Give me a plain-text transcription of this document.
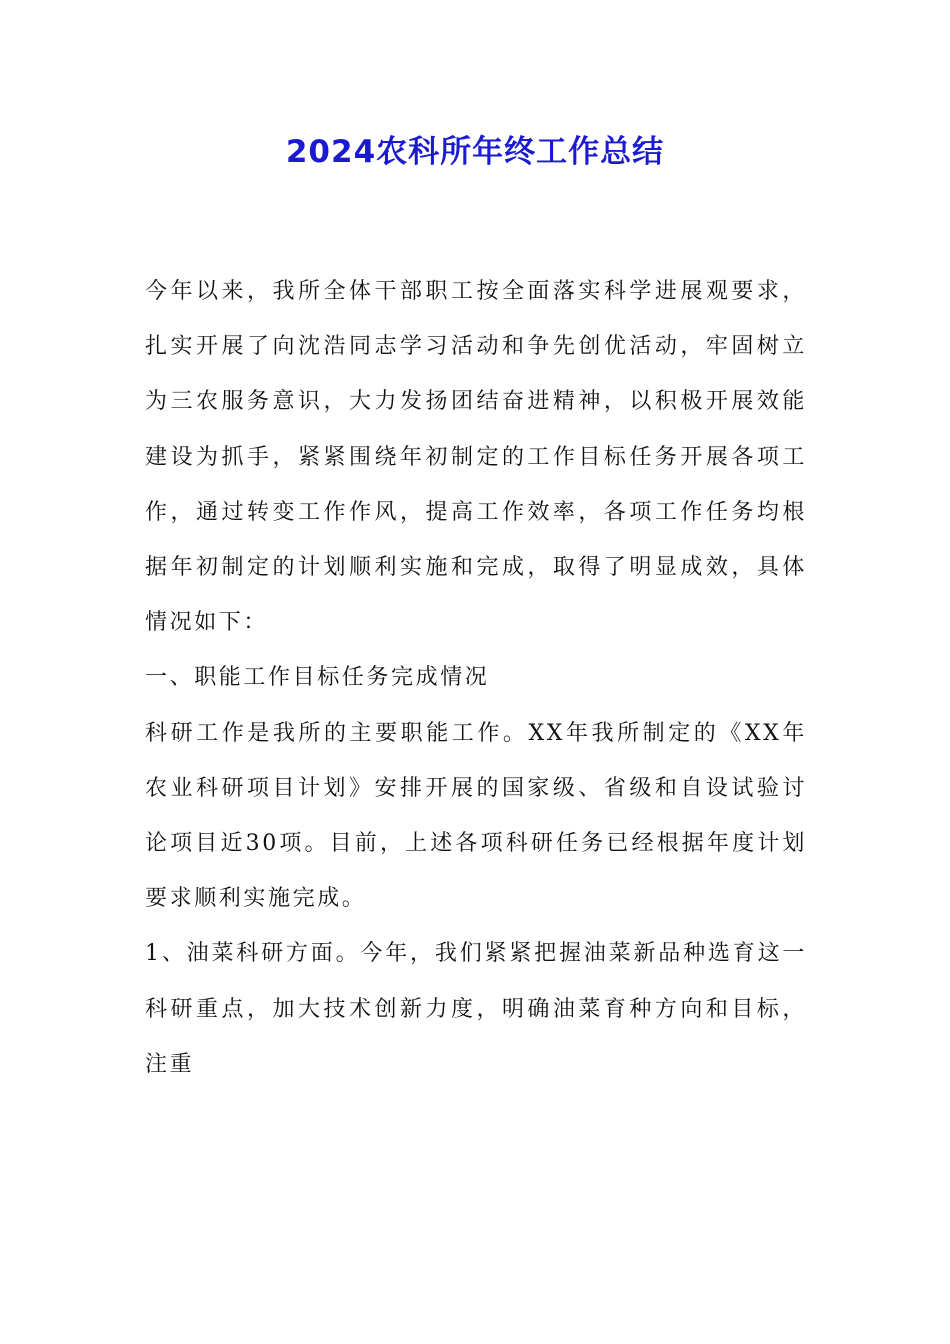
2024农科所年终工作总结

今年以来，我所全体干部职工按全面落实科学进展观要求，扎实开展了向沈浩同志学习活动和争先创优活动，牢固树立为三农服务意识，大力发扬团结奋进精神，以积极开展效能建设为抓手，紧紧围绕年初制定的工作目标任务开展各项工作，通过转变工作作风，提高工作效率，各项工作任务均根据年初制定的计划顺利实施和完成，取得了明显成效，具体情况如下：

一、职能工作目标任务完成情况

科研工作是我所的主要职能工作。XX年我所制定的《XX年农业科研项目计划》安排开展的国家级、省级和自设试验讨论项目近30项。目前，上述各项科研任务已经根据年度计划要求顺利实施完成。

1、油菜科研方面。今年，我们紧紧把握油菜新品种选育这一科研重点，加大技术创新力度，明确油菜育种方向和目标，注重
